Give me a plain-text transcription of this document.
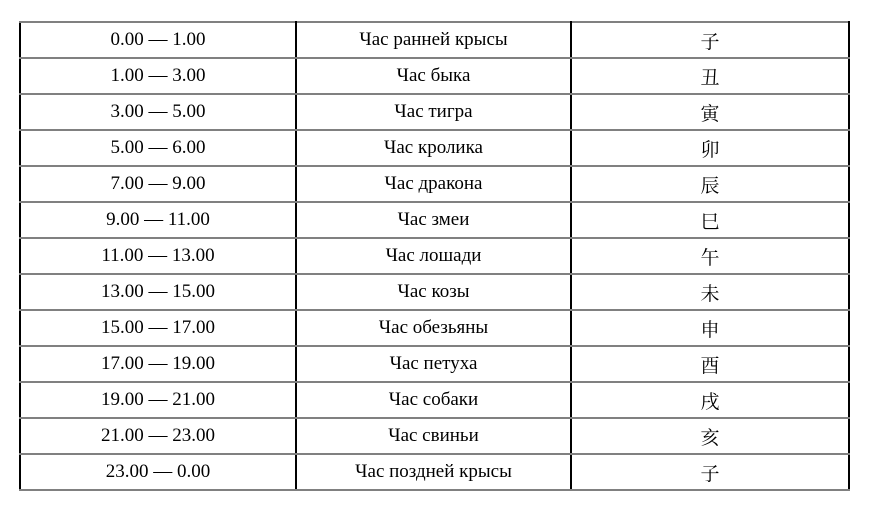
0.00 — 1.00	Час ранней крысы	子
1.00 — 3.00	Час быка	丑
3.00 — 5.00	Час тигра	寅
5.00 — 6.00	Час кролика	卯
7.00 — 9.00	Час дракона	辰
9.00 — 11.00	Час змеи	巳
11.00 — 13.00	Час лошади	午
13.00 — 15.00	Час козы	未
15.00 — 17.00	Час обезьяны	申
17.00 — 19.00	Час петуха	酉
19.00 — 21.00	Час собаки	戌
21.00 — 23.00	Час свиньи	亥
23.00 — 0.00	Час поздней крысы	子
